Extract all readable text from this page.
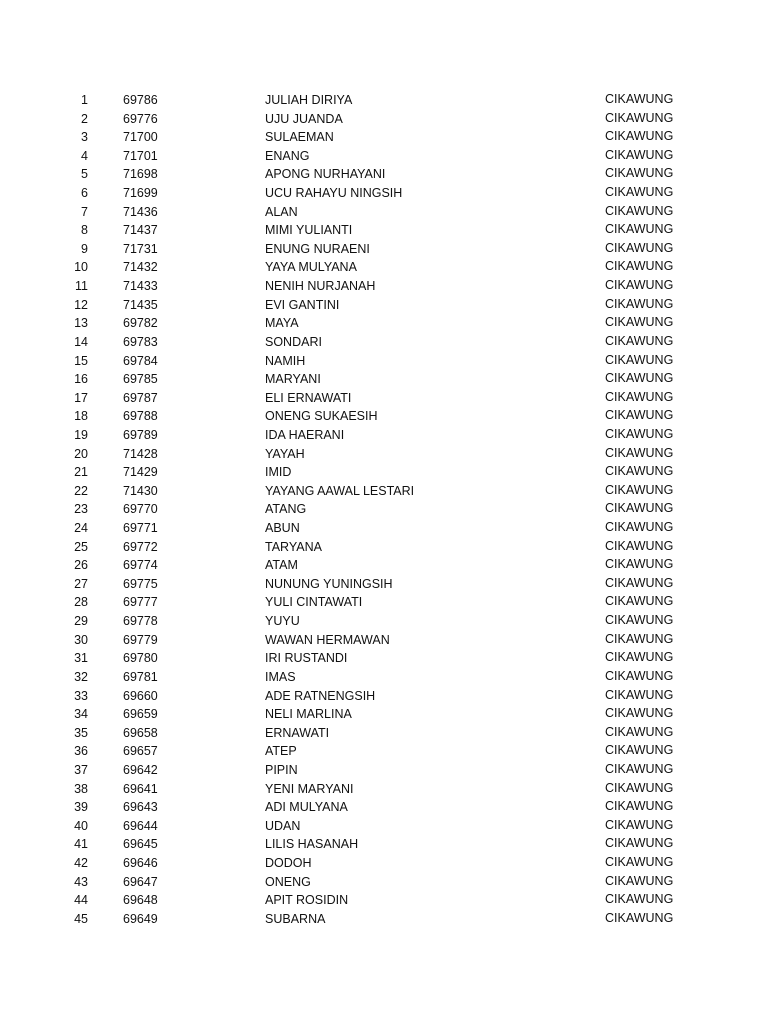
1	69786	JULIAH DIRIYA	CIKAWUNG
2	69776	UJU JUANDA	CIKAWUNG
3	71700	SULAEMAN	CIKAWUNG
4	71701	ENANG	CIKAWUNG
5	71698	APONG NURHAYANI	CIKAWUNG
6	71699	UCU RAHAYU NINGSIH	CIKAWUNG
7	71436	ALAN	CIKAWUNG
8	71437	MIMI YULIANTI	CIKAWUNG
9	71731	ENUNG NURAENI	CIKAWUNG
10	71432	YAYA MULYANA	CIKAWUNG
11	71433	NENIH NURJANAH	CIKAWUNG
12	71435	EVI GANTINI	CIKAWUNG
13	69782	MAYA	CIKAWUNG
14	69783	SONDARI	CIKAWUNG
15	69784	NAMIH	CIKAWUNG
16	69785	MARYANI	CIKAWUNG
17	69787	ELI ERNAWATI	CIKAWUNG
18	69788	ONENG SUKAESIH	CIKAWUNG
19	69789	IDA HAERANI	CIKAWUNG
20	71428	YAYAH	CIKAWUNG
21	71429	IMID	CIKAWUNG
22	71430	YAYANG AAWAL LESTARI	CIKAWUNG
23	69770	ATANG	CIKAWUNG
24	69771	ABUN	CIKAWUNG
25	69772	TARYANA	CIKAWUNG
26	69774	ATAM	CIKAWUNG
27	69775	NUNUNG YUNINGSIH	CIKAWUNG
28	69777	YULI CINTAWATI	CIKAWUNG
29	69778	YUYU	CIKAWUNG
30	69779	WAWAN HERMAWAN	CIKAWUNG
31	69780	IRI RUSTANDI	CIKAWUNG
32	69781	IMAS	CIKAWUNG
33	69660	ADE RATNENGSIH	CIKAWUNG
34	69659	NELI MARLINA	CIKAWUNG
35	69658	ERNAWATI	CIKAWUNG
36	69657	ATEP	CIKAWUNG
37	69642	PIPIN	CIKAWUNG
38	69641	YENI MARYANI	CIKAWUNG
39	69643	ADI MULYANA	CIKAWUNG
40	69644	UDAN	CIKAWUNG
41	69645	LILIS HASANAH	CIKAWUNG
42	69646	DODOH	CIKAWUNG
43	69647	ONENG	CIKAWUNG
44	69648	APIT ROSIDIN	CIKAWUNG
45	69649	SUBARNA	CIKAWUNG
